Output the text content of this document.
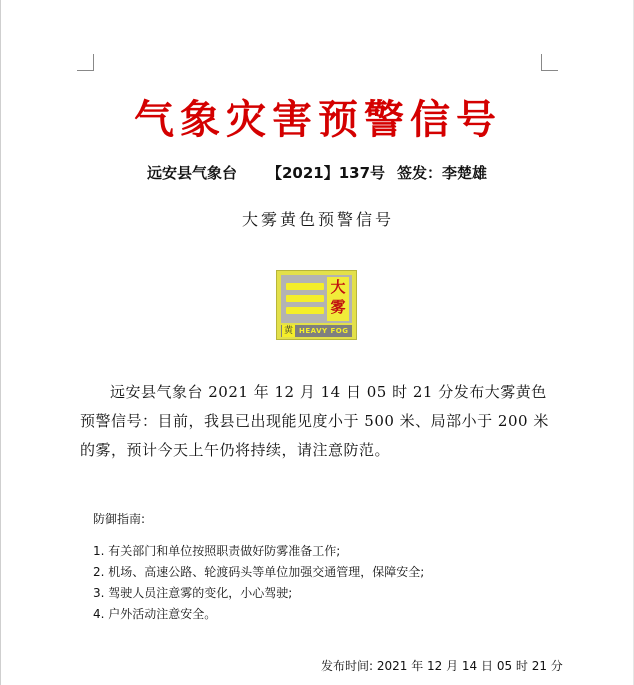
气象灾害预警信号
远安县气象台 【2021】137号 签发：李楚雄
大雾黄色预警信号
大
雾
黄 HEAVY FOG
远安县气象台 2021 年 12 月 14 日 05 时 21 分发布大雾黄色预警信号：目前，我县已出现能见度小于 500 米、局部小于 200 米的雾，预计今天上午仍将持续，请注意防范。
防御指南:
1. 有关部门和单位按照职责做好防雾准备工作;
2. 机场、高速公路、轮渡码头等单位加强交通管理，保障安全;
3. 驾驶人员注意雾的变化，小心驾驶;
4. 户外活动注意安全。
发布时间: 2021 年 12 月 14 日 05 时 21 分
